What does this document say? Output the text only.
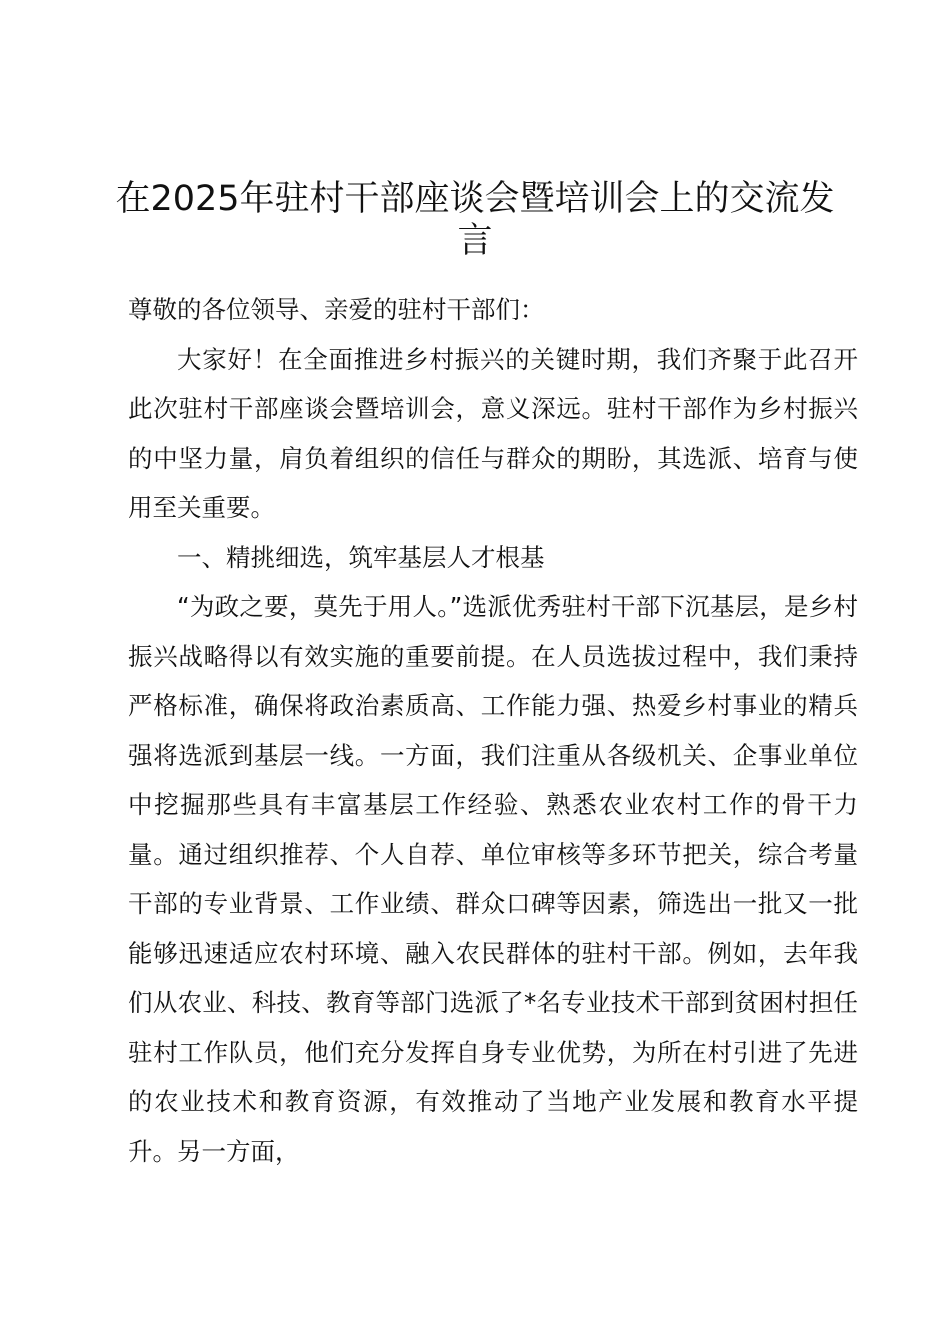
在2025年驻村干部座谈会暨培训会上的交流发言

尊敬的各位领导、亲爱的驻村干部们：

大家好！在全面推进乡村振兴的关键时期，我们齐聚于此召开此次驻村干部座谈会暨培训会，意义深远。驻村干部作为乡村振兴的中坚力量，肩负着组织的信任与群众的期盼，其选派、培育与使用至关重要。

一、精挑细选，筑牢基层人才根基

“为政之要，莫先于用人。”选派优秀驻村干部下沉基层，是乡村振兴战略得以有效实施的重要前提。在人员选拔过程中，我们秉持严格标准，确保将政治素质高、工作能力强、热爱乡村事业的精兵强将选派到基层一线。一方面，我们注重从各级机关、企事业单位中挖掘那些具有丰富基层工作经验、熟悉农业农村工作的骨干力量。通过组织推荐、个人自荐、单位审核等多环节把关，综合考量干部的专业背景、工作业绩、群众口碑等因素，筛选出一批又一批能够迅速适应农村环境、融入农民群体的驻村干部。例如，去年我们从农业、科技、教育等部门选派了*名专业技术干部到贫困村担任驻村工作队员，他们充分发挥自身专业优势，为所在村引进了先进的农业技术和教育资源，有效推动了当地产业发展和教育水平提升。另一方面，
